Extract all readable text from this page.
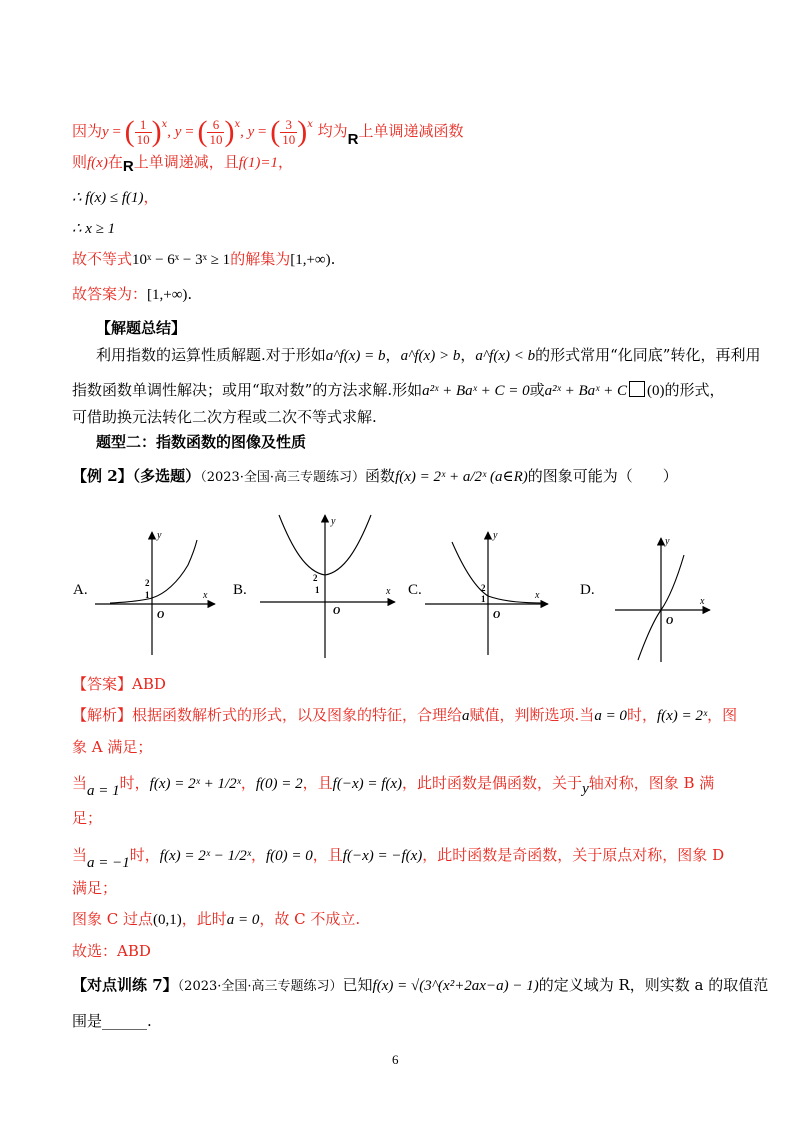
因为y = ( $\frac{1}{10} )^x$, y = ( $\frac{6}{10} )^x$, y = ( $\frac{3}{10} )^x$ 均为R上单调递减函数
则f(x)在R上单调递减，且f(1)=1，
∴ f(x) ≤ f(1)，
∴ x ≥ 1
故不等式10ˣ − 6ˣ − 3ˣ ≥ 1的解集为[1,+∞).
故答案为：[1,+∞).
【解题总结】
利用指数的运算性质解题.对于形如a^f(x) = b，a^f(x) > b，a^f(x) < b的形式常用“化同底”转化，再利用
指数函数单调性解决；或用“取对数”的方法求解.形如a²ˣ + Baˣ + C = 0或a²ˣ + Baˣ + C (0)的形式，
可借助换元法转化二次方程或二次不等式求解.
题型二：指数函数的图像及性质
【例 2】（多选题）（2023·全国·高三专题练习）函数f(x) = 2ˣ + a/2ˣ (a∈R)的图象可能为（　　）
A.	B.	C.	D.
y
x
O
2
1
y
x
O
2
1
y
x
O
2
1
y
x
O
【答案】ABD
【解析】根据函数解析式的形式，以及图象的特征，合理给a赋值，判断选项.当a = 0时，f(x) = 2ˣ，图
象 A 满足；
当a = 1时，f(x) = 2ˣ + 1/2ˣ，f(0) = 2，且f(−x) = f(x)，此时函数是偶函数，关于y轴对称，图象 B 满
足；
当a = −1时，f(x) = 2ˣ − 1/2ˣ，f(0) = 0，且f(−x) = −f(x)，此时函数是奇函数，关于原点对称，图象 D
满足；
图象 C 过点(0,1)，此时a = 0，故 C 不成立.
故选：ABD
【对点训练 7】（2023·全国·高三专题练习）已知f(x) = √(3^(x²+2ax−a) − 1)的定义域为 R，则实数 a 的取值范
围是______.
6
